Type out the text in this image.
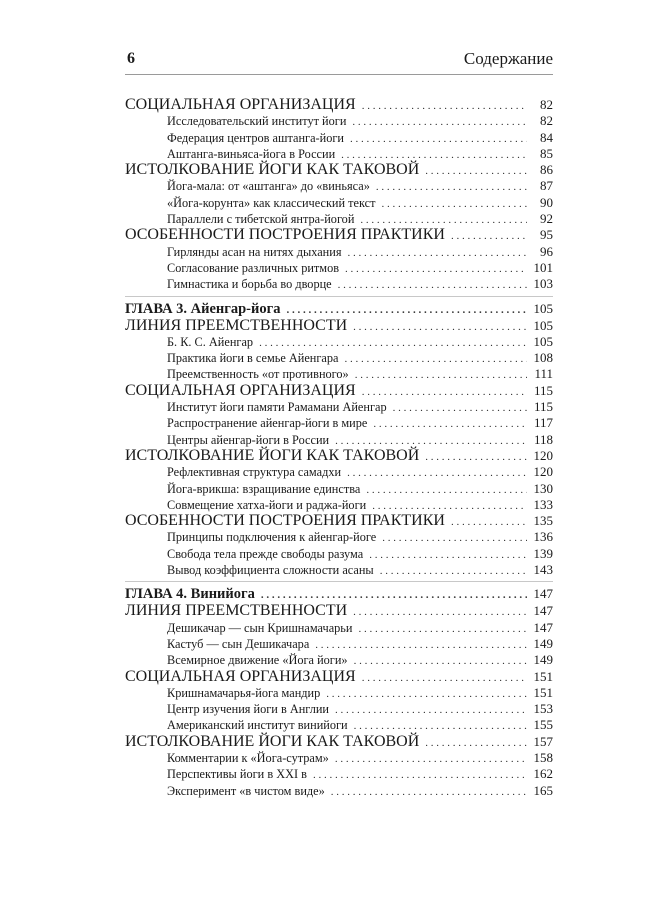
6	Содержание
СОЦИАЛЬНАЯ ОРГАНИЗАЦИЯ . . .	82
Исследовательский институт йоги . . .	82
Федерация центров аштанга-йоги . . .	84
Аштанга-виньяса-йога в России . . .	85
ИСТОЛКОВАНИЕ ЙОГИ КАК ТАКОВОЙ . . .	86
Йога-мала: от «аштанга» до «виньяса» . . .	87
«Йога-корунта» как классический текст . . .	90
Параллели с тибетской янтра-йогой . . .	92
ОСОБЕННОСТИ ПОСТРОЕНИЯ ПРАКТИКИ . . .	95
Гирлянды асан на нитях дыхания . . .	96
Согласование различных ритмов . . .	101
Гимнастика и борьба во дворце . . .	103
ГЛАВА 3. Айенгар-йога . . .	105
ЛИНИЯ ПРЕЕМСТВЕННОСТИ . . .	105
Б. К. С. Айенгар . . .	105
Практика йоги в семье Айенгара . . .	108
Преемственность «от противного» . . .	111
СОЦИАЛЬНАЯ ОРГАНИЗАЦИЯ . . .	115
Институт йоги памяти Рамамани Айенгар . . .	115
Распространение айенгар-йоги в мире . . .	117
Центры айенгар-йоги в России . . .	118
ИСТОЛКОВАНИЕ ЙОГИ КАК ТАКОВОЙ . . .	120
Рефлективная структура самадхи . . .	120
Йога-врикша: взращивание единства . . .	130
Совмещение хатха-йоги и раджа-йоги . . .	133
ОСОБЕННОСТИ ПОСТРОЕНИЯ ПРАКТИКИ . . .	135
Принципы подключения к айенгар-йоге . . .	136
Свобода тела прежде свободы разума . . .	139
Вывод коэффициента сложности асаны . . .	143
ГЛАВА 4. Винийога . . .	147
ЛИНИЯ ПРЕЕМСТВЕННОСТИ . . .	147
Дешикачар — сын Кришнамачарьи . . .	147
Кастуб — сын Дешикачара . . .	149
Всемирное движение «Йога йоги» . . .	149
СОЦИАЛЬНАЯ ОРГАНИЗАЦИЯ . . .	151
Кришнамачарья-йога мандир . . .	151
Центр изучения йоги в Англии . . .	153
Американский институт винийоги . . .	155
ИСТОЛКОВАНИЕ ЙОГИ КАК ТАКОВОЙ . . .	157
Комментарии к «Йога-сутрам» . . .	158
Перспективы йоги в XXI в . . .	162
Эксперимент «в чистом виде» . . .	165
